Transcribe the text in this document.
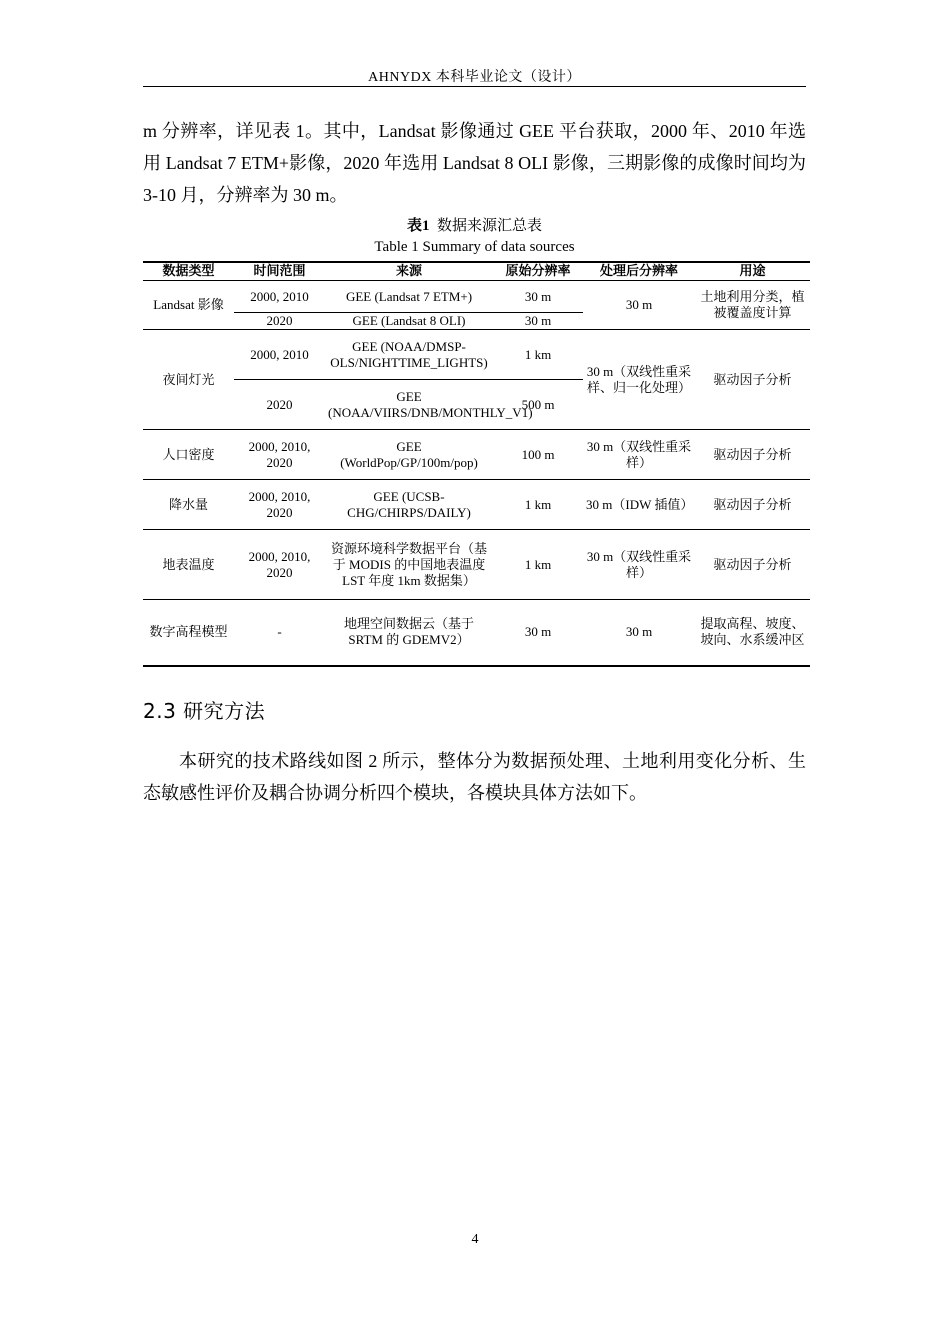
AHNYDX 本科毕业论文（设计）

m 分辨率，详见表 1。其中，Landsat 影像通过 GEE 平台获取，2000 年、2010 年选用 Landsat 7 ETM+影像，2020 年选用 Landsat 8 OLI 影像，三期影像的成像时间均为 3-10 月，分辨率为 30 m。

表1 数据来源汇总表
Table 1 Summary of data sources
数据类型	时间范围	来源	原始分辨率	处理后分辨率	用途
Landsat 影像	2000, 2010	GEE (Landsat 7 ETM+)	30 m	30 m	土地利用分类，植被覆盖度计算
	2020	GEE (Landsat 8 OLI)	30 m		
夜间灯光	2000, 2010	GEE (NOAA/DMSP-OLS/NIGHTTIME_LIGHTS)	1 km	30 m（双线性重采样、归一化处理）	驱动因子分析
	2020	GEE (NOAA/VIIRS/DNB/MONTHLY_V1)	500 m		
人口密度	2000, 2010, 2020	GEE (WorldPop/GP/100m/pop)	100 m	30 m（双线性重采样）	驱动因子分析
降水量	2000, 2010, 2020	GEE (UCSB-CHG/CHIRPS/DAILY)	1 km	30 m（IDW 插值）	驱动因子分析
地表温度	2000, 2010, 2020	资源环境科学数据平台（基于 MODIS 的中国地表温度 LST 年度 1km 数据集）	1 km	30 m（双线性重采样）	驱动因子分析
数字高程模型	-	地理空间数据云（基于 SRTM 的 GDEMV2）	30 m	30 m	提取高程、坡度、坡向、水系缓冲区
2.3 研究方法

本研究的技术路线如图 2 所示，整体分为数据预处理、土地利用变化分析、生态敏感性评价及耦合协调分析四个模块，各模块具体方法如下。

4
